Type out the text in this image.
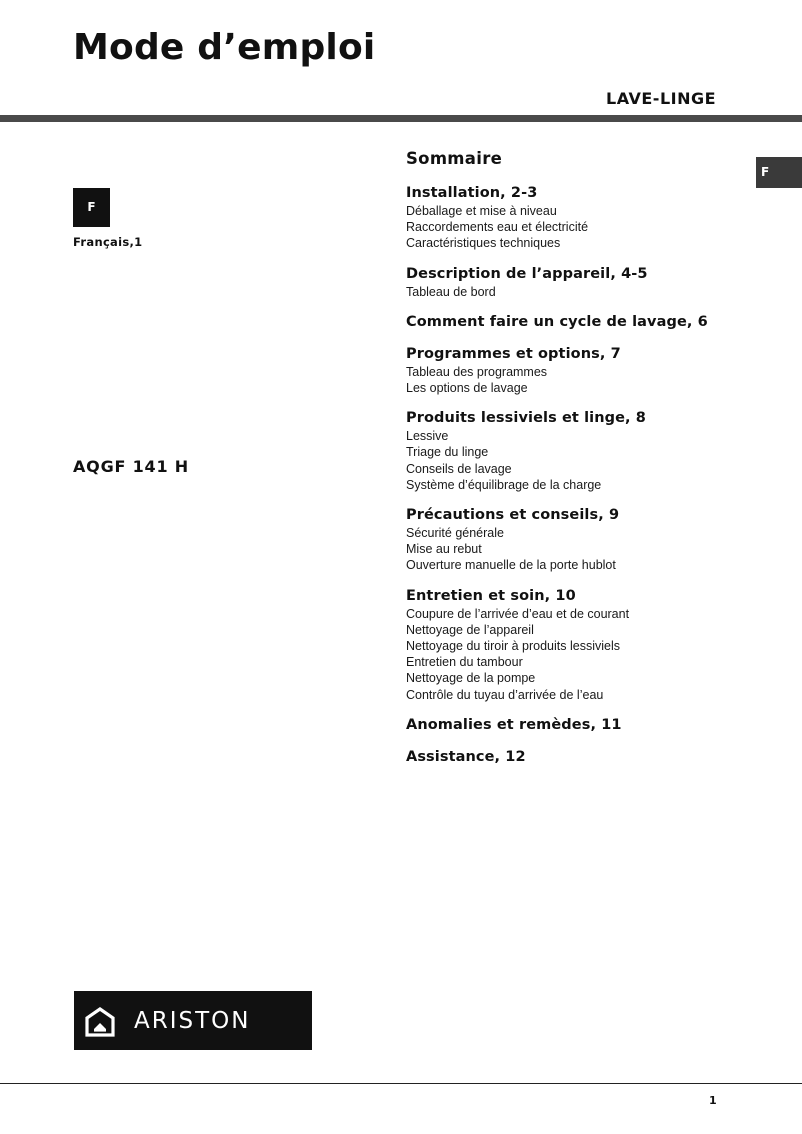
Mode d’emploi
LAVE-LINGE
F
F
Français,1
AQGF 141 H
Sommaire
Installation, 2-3
Déballage et mise à niveau
Raccordements eau et électricité
Caractéristiques techniques
Description de l’appareil, 4-5
Tableau de bord
Comment faire un cycle de lavage, 6
Programmes et options, 7
Tableau des programmes
Les options de lavage
Produits lessiviels et linge, 8
Lessive
Triage du linge
Conseils de lavage
Système d’équilibrage de la charge
Précautions et conseils, 9
Sécurité générale
Mise au rebut
Ouverture manuelle de la porte hublot
Entretien et soin, 10
Coupure de l’arrivée d’eau et de courant
Nettoyage de l’appareil
Nettoyage du tiroir à produits lessiviels
Entretien du tambour
Nettoyage de la pompe
Contrôle du tuyau d’arrivée de l’eau
Anomalies et remèdes, 11
Assistance, 12
ARISTON
1
